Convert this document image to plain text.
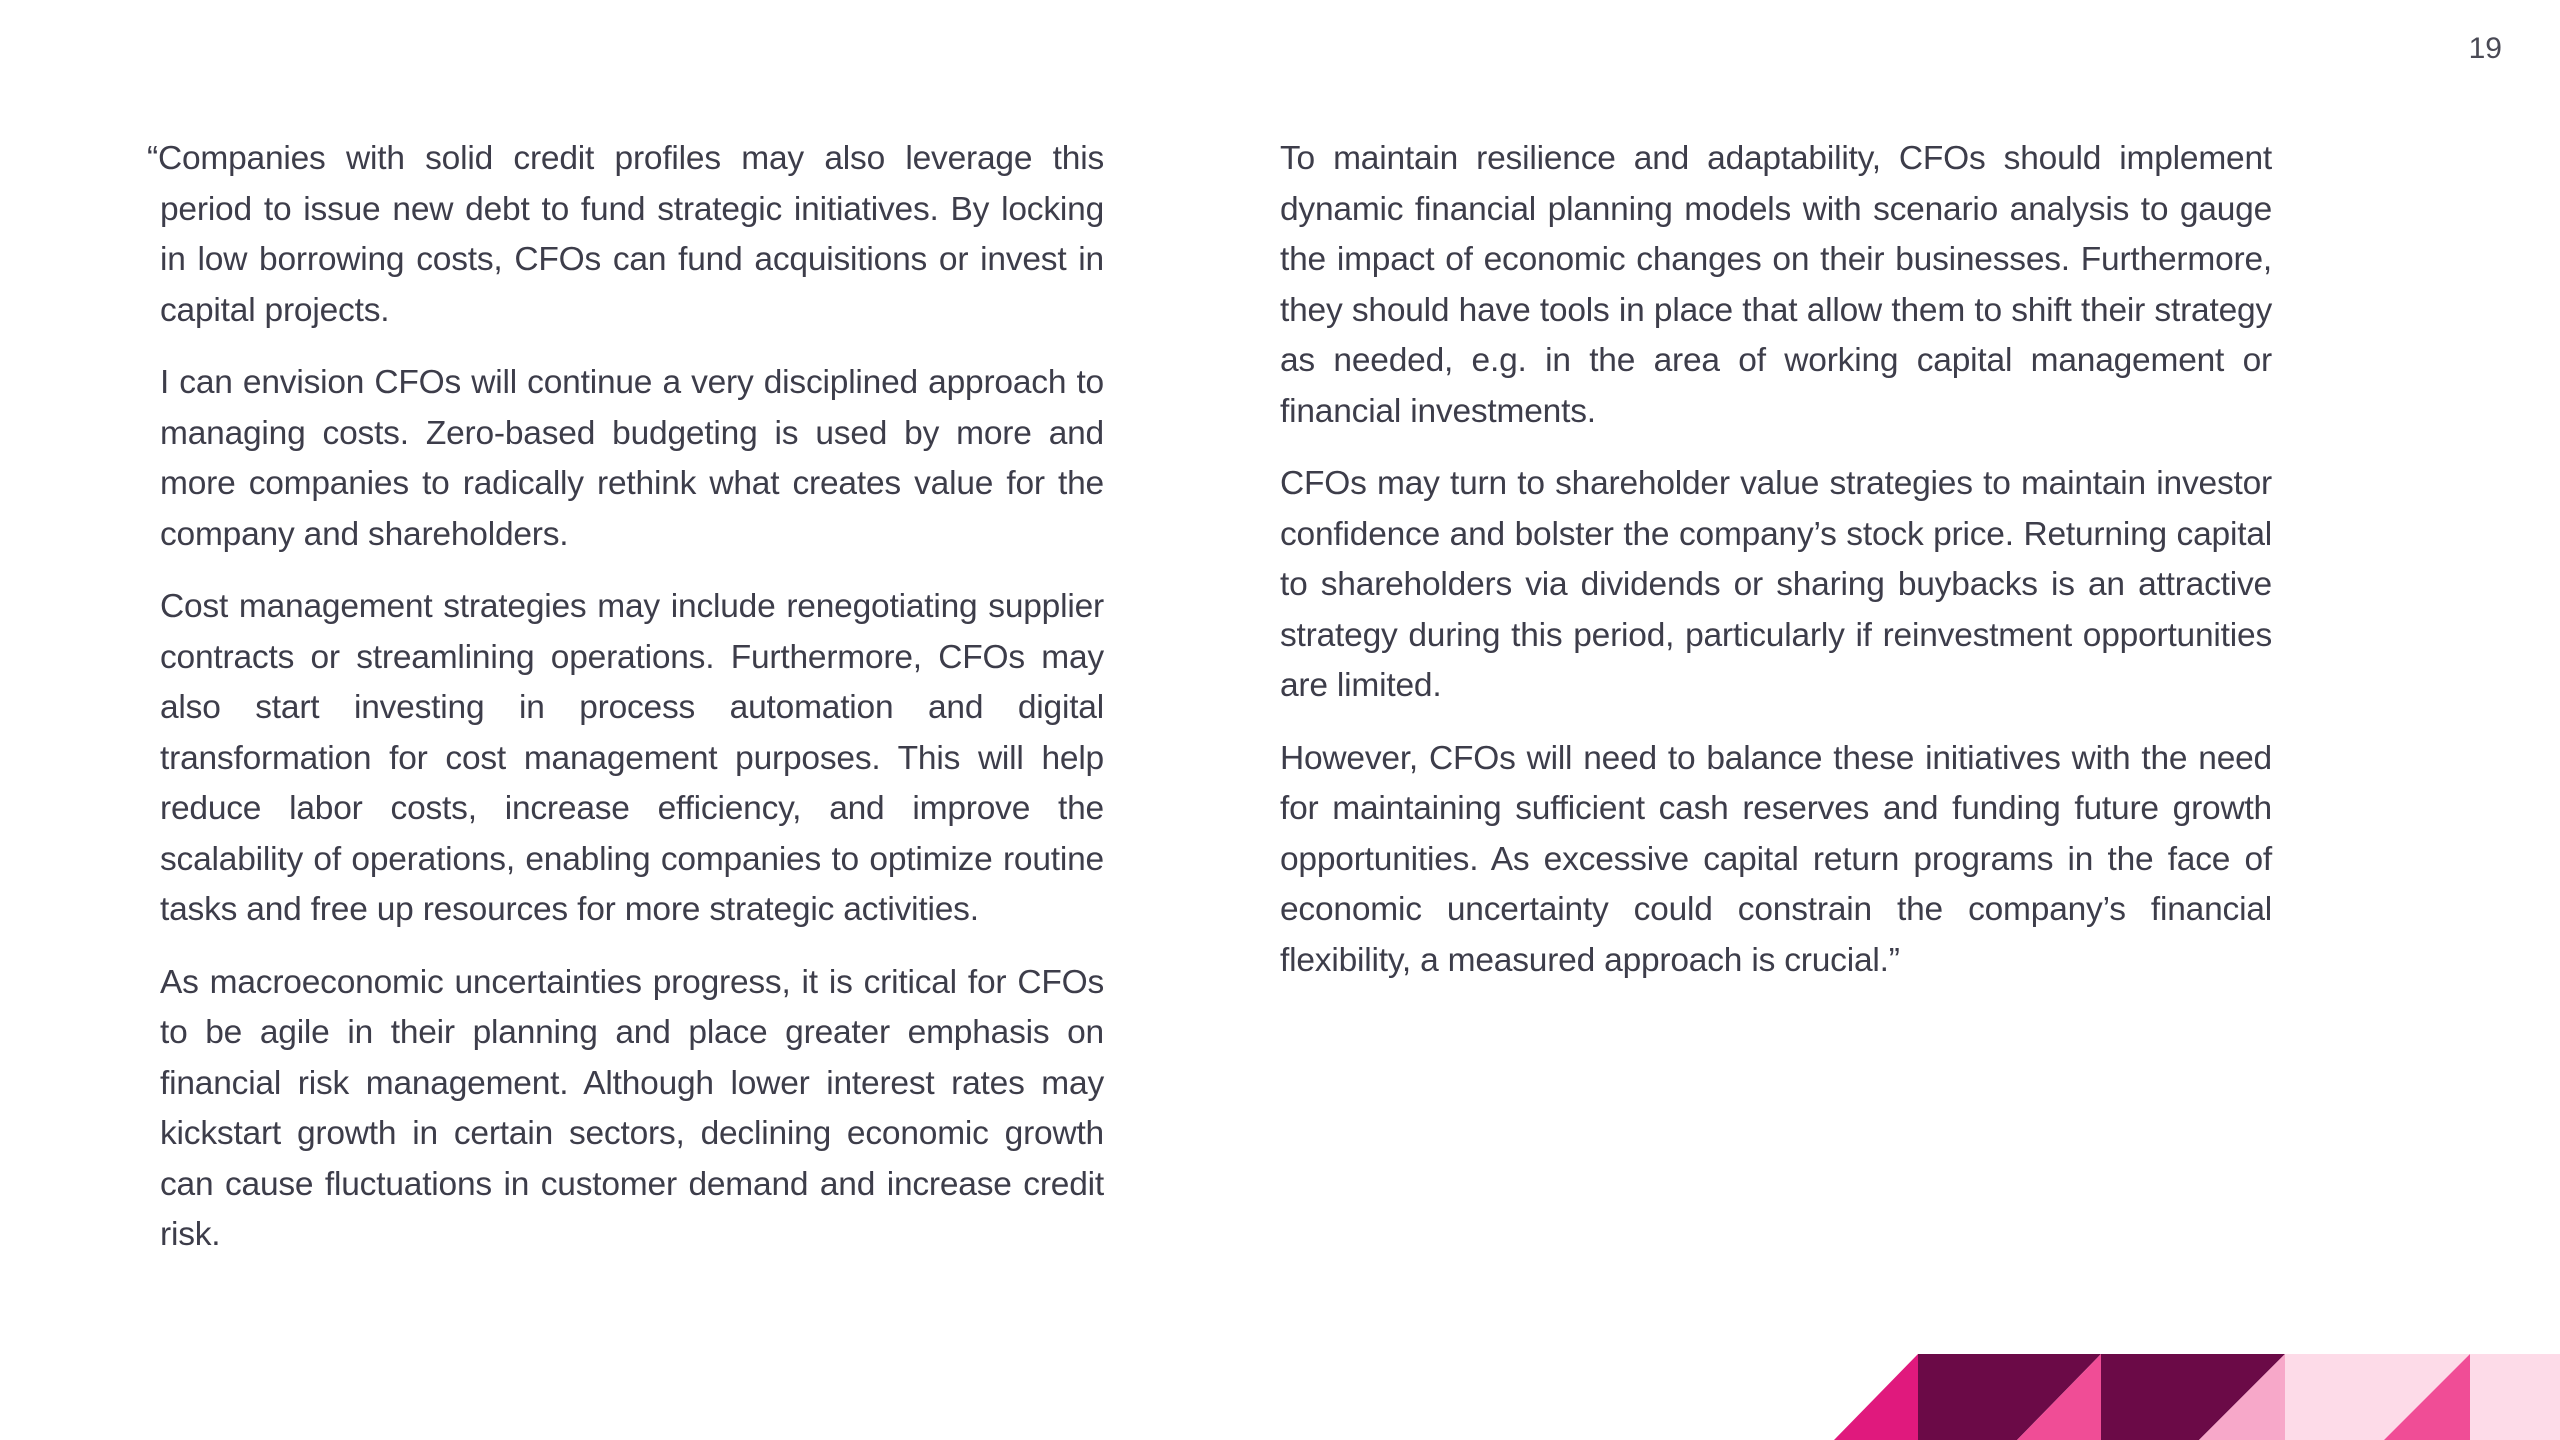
19

“Companies with solid credit profiles may also leverage this period to issue new debt to fund strategic initiatives. By locking in low borrowing costs, CFOs can fund acquisitions or invest in capital projects.

I can envision CFOs will continue a very disciplined approach to managing costs. Zero-based budgeting is used by more and more companies to radically rethink what creates value for the company and shareholders.

Cost management strategies may include renegotiating supplier contracts or streamlining operations. Furthermore, CFOs may also start investing in process automation and digital transformation for cost management purposes. This will help reduce labor costs, increase efficiency, and improve the scalability of operations, enabling companies to optimize routine tasks and free up resources for more strategic activities.

As macroeconomic uncertainties progress, it is critical for CFOs to be agile in their planning and place greater emphasis on financial risk management. Although lower interest rates may kickstart growth in certain sectors, declining economic growth can cause fluctuations in customer demand and increase credit risk.

To maintain resilience and adaptability, CFOs should implement dynamic financial planning models with scenario analysis to gauge the impact of economic changes on their businesses. Furthermore, they should have tools in place that allow them to shift their strategy as needed, e.g. in the area of working capital management or financial investments.

CFOs may turn to shareholder value strategies to maintain investor confidence and bolster the company’s stock price. Returning capital to shareholders via dividends or sharing buybacks is an attractive strategy during this period, particularly if reinvestment opportunities are limited.

However, CFOs will need to balance these initiatives with the need for maintaining sufficient cash reserves and funding future growth opportunities. As excessive capital return programs in the face of economic uncertainty could constrain the company’s financial flexibility, a measured approach is crucial.”
